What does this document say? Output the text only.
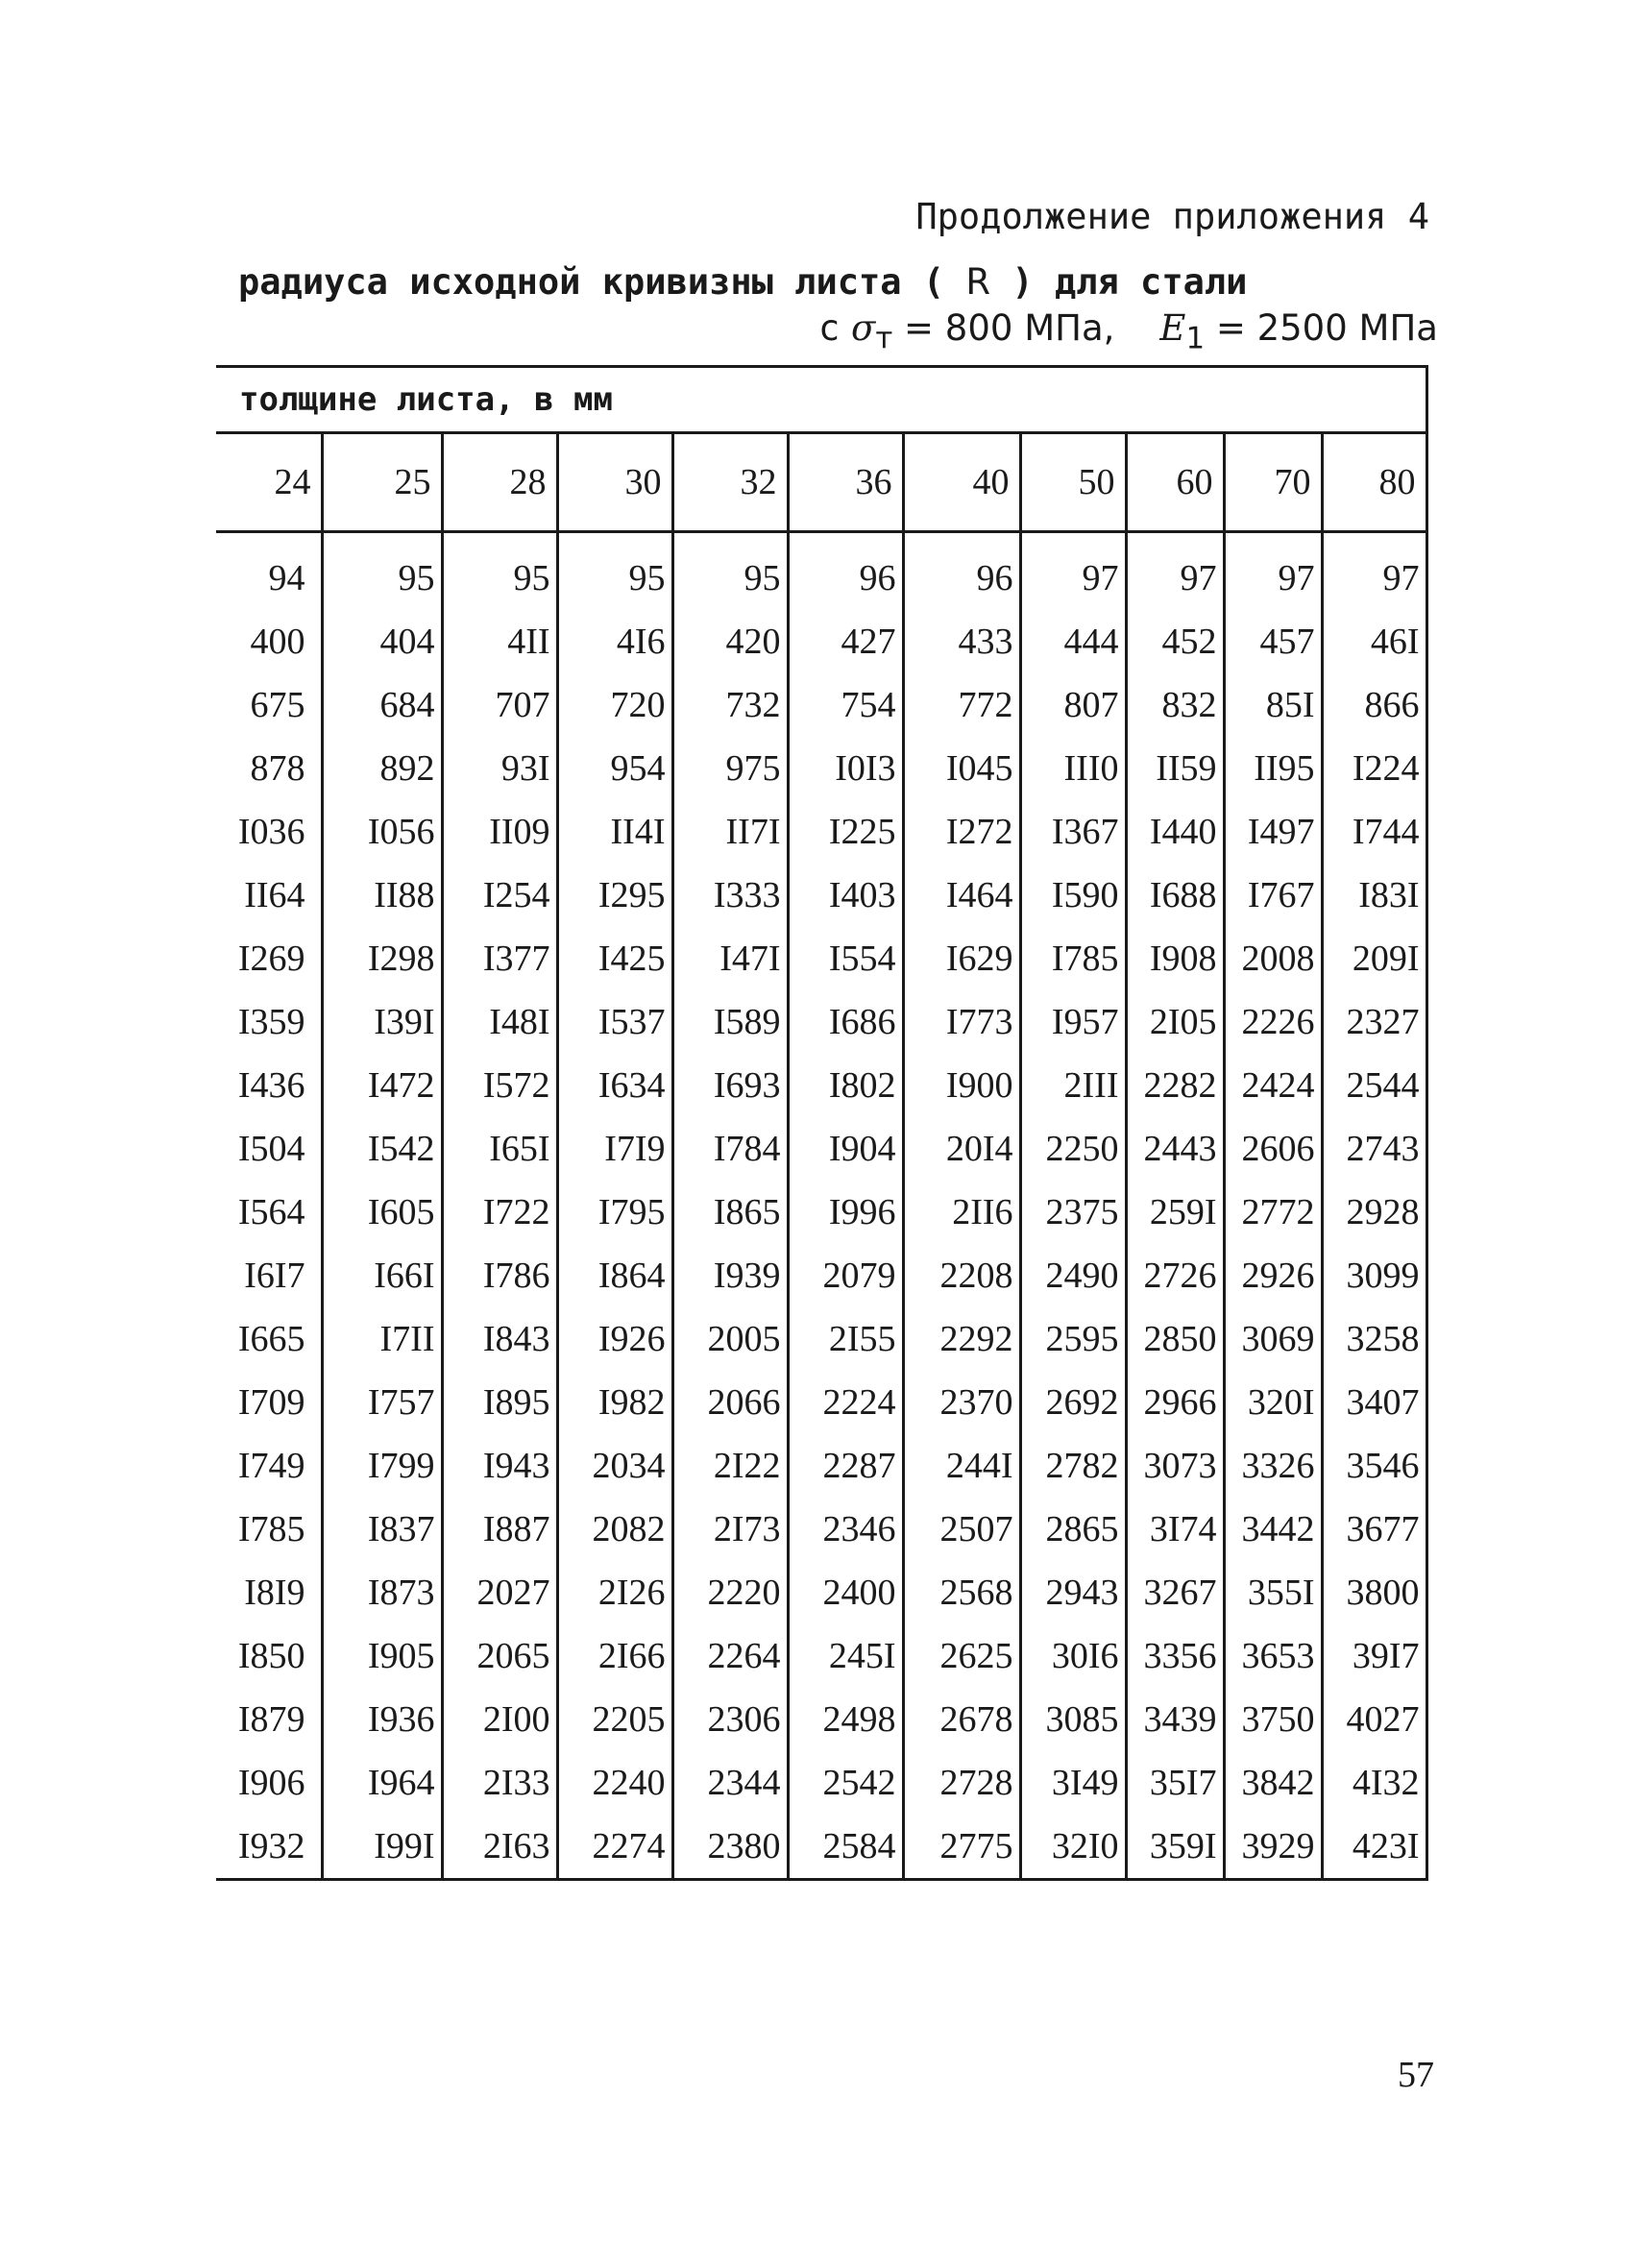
Продолжение приложения 4
радиуса исходной кривизны листа ( R ) для стали
с $\sigma_т = 800$ МПа, $E_1 = 2500$ МПа
толщине листа, в мм										
24	25	28	30	32	36	40	50	60	70	80

94	95	95	95	95	96	96	97	97	97	97
400	404	4II	4I6	420	427	433	444	452	457	46I
675	684	707	720	732	754	772	807	832	85I	866
878	892	93I	954	975	I0I3	I045	III0	II59	II95	I224
I036	I056	II09	II4I	II7I	I225	I272	I367	I440	I497	I744
II64	II88	I254	I295	I333	I403	I464	I590	I688	I767	I83I
I269	I298	I377	I425	I47I	I554	I629	I785	I908	2008	209I
I359	I39I	I48I	I537	I589	I686	I773	I957	2I05	2226	2327
I436	I472	I572	I634	I693	I802	I900	2III	2282	2424	2544
I504	I542	I65I	I7I9	I784	I904	20I4	2250	2443	2606	2743
I564	I605	I722	I795	I865	I996	2II6	2375	259I	2772	2928
I6I7	I66I	I786	I864	I939	2079	2208	2490	2726	2926	3099
I665	I7II	I843	I926	2005	2I55	2292	2595	2850	3069	3258
I709	I757	I895	I982	2066	2224	2370	2692	2966	320I	3407
I749	I799	I943	2034	2I22	2287	244I	2782	3073	3326	3546
I785	I837	I887	2082	2I73	2346	2507	2865	3I74	3442	3677
I8I9	I873	2027	2I26	2220	2400	2568	2943	3267	355I	3800
I850	I905	2065	2I66	2264	245I	2625	30I6	3356	3653	39I7
I879	I936	2I00	2205	2306	2498	2678	3085	3439	3750	4027
I906	I964	2I33	2240	2344	2542	2728	3I49	35I7	3842	4I32
I932	I99I	2I63	2274	2380	2584	2775	32I0	359I	3929	423I
57
